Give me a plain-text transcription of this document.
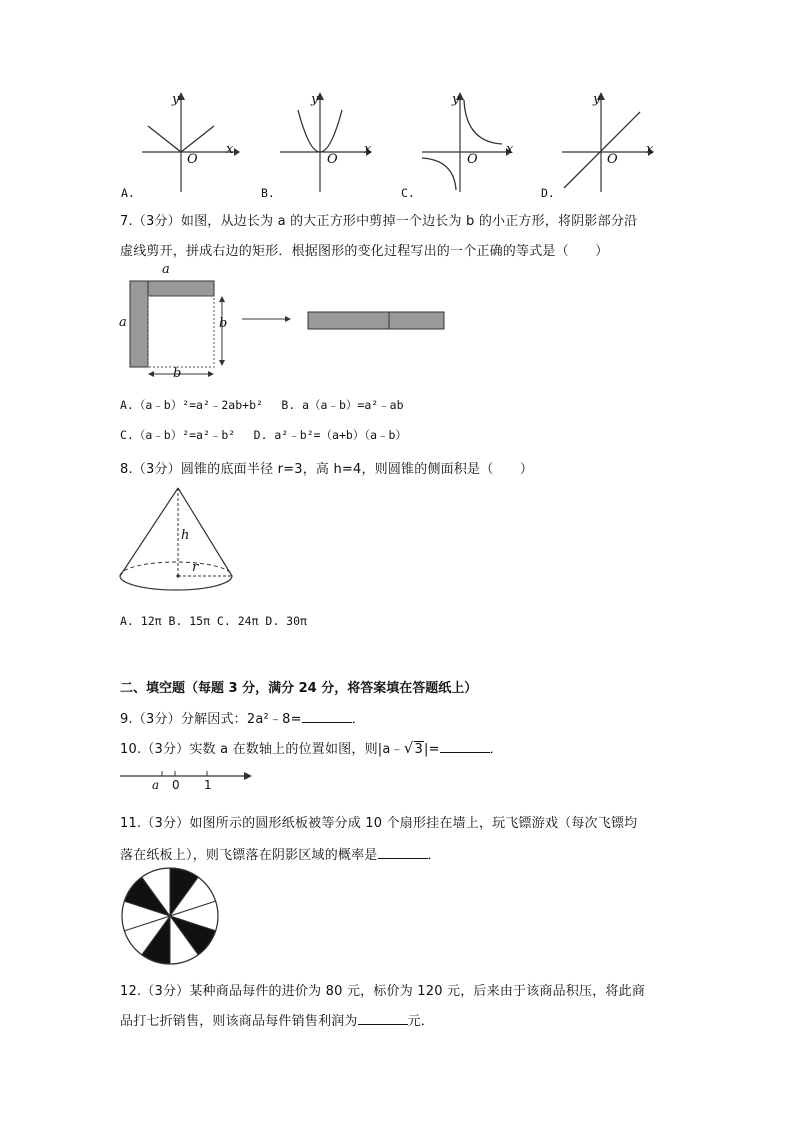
y
x
O
y
x
O
y
x
O
y
x
O
A.	B.	C.	D.
7.（3分）如图，从边长为 a 的大正方形中剪掉一个边长为 b 的小正方形，将阴影部分沿
虚线剪开，拼成右边的矩形．根据图形的变化过程写出的一个正确的等式是（　　）
a
a	b
b
A.（a﹣b）²=a²﹣2ab+b²　 B. a（a﹣b）=a²﹣ab
C.（a﹣b）²=a²﹣b²　 D. a²﹣b²=（a+b）（a﹣b）
8.（3分）圆锥的底面半径 r=3，高 h=4，则圆锥的侧面积是（　　）
h
r
A. 12π B. 15π C. 24π D. 30π
二、填空题（每题 3 分，满分 24 分，将答案填在答题纸上）
9.（3分）分解因式：2a²﹣8=	．
10.（3分）实数 a 在数轴上的位置如图，则|a﹣√3|=	．
a 0 1
11.（3分）如图所示的圆形纸板被等分成 10 个扇形挂在墙上，玩飞镖游戏（每次飞镖均
落在纸板上），则飞镖落在阴影区域的概率是	．
12.（3分）某种商品每件的进价为 80 元，标价为 120 元，后来由于该商品积压，将此商
品打七折销售，则该商品每件销售利润为	元．
